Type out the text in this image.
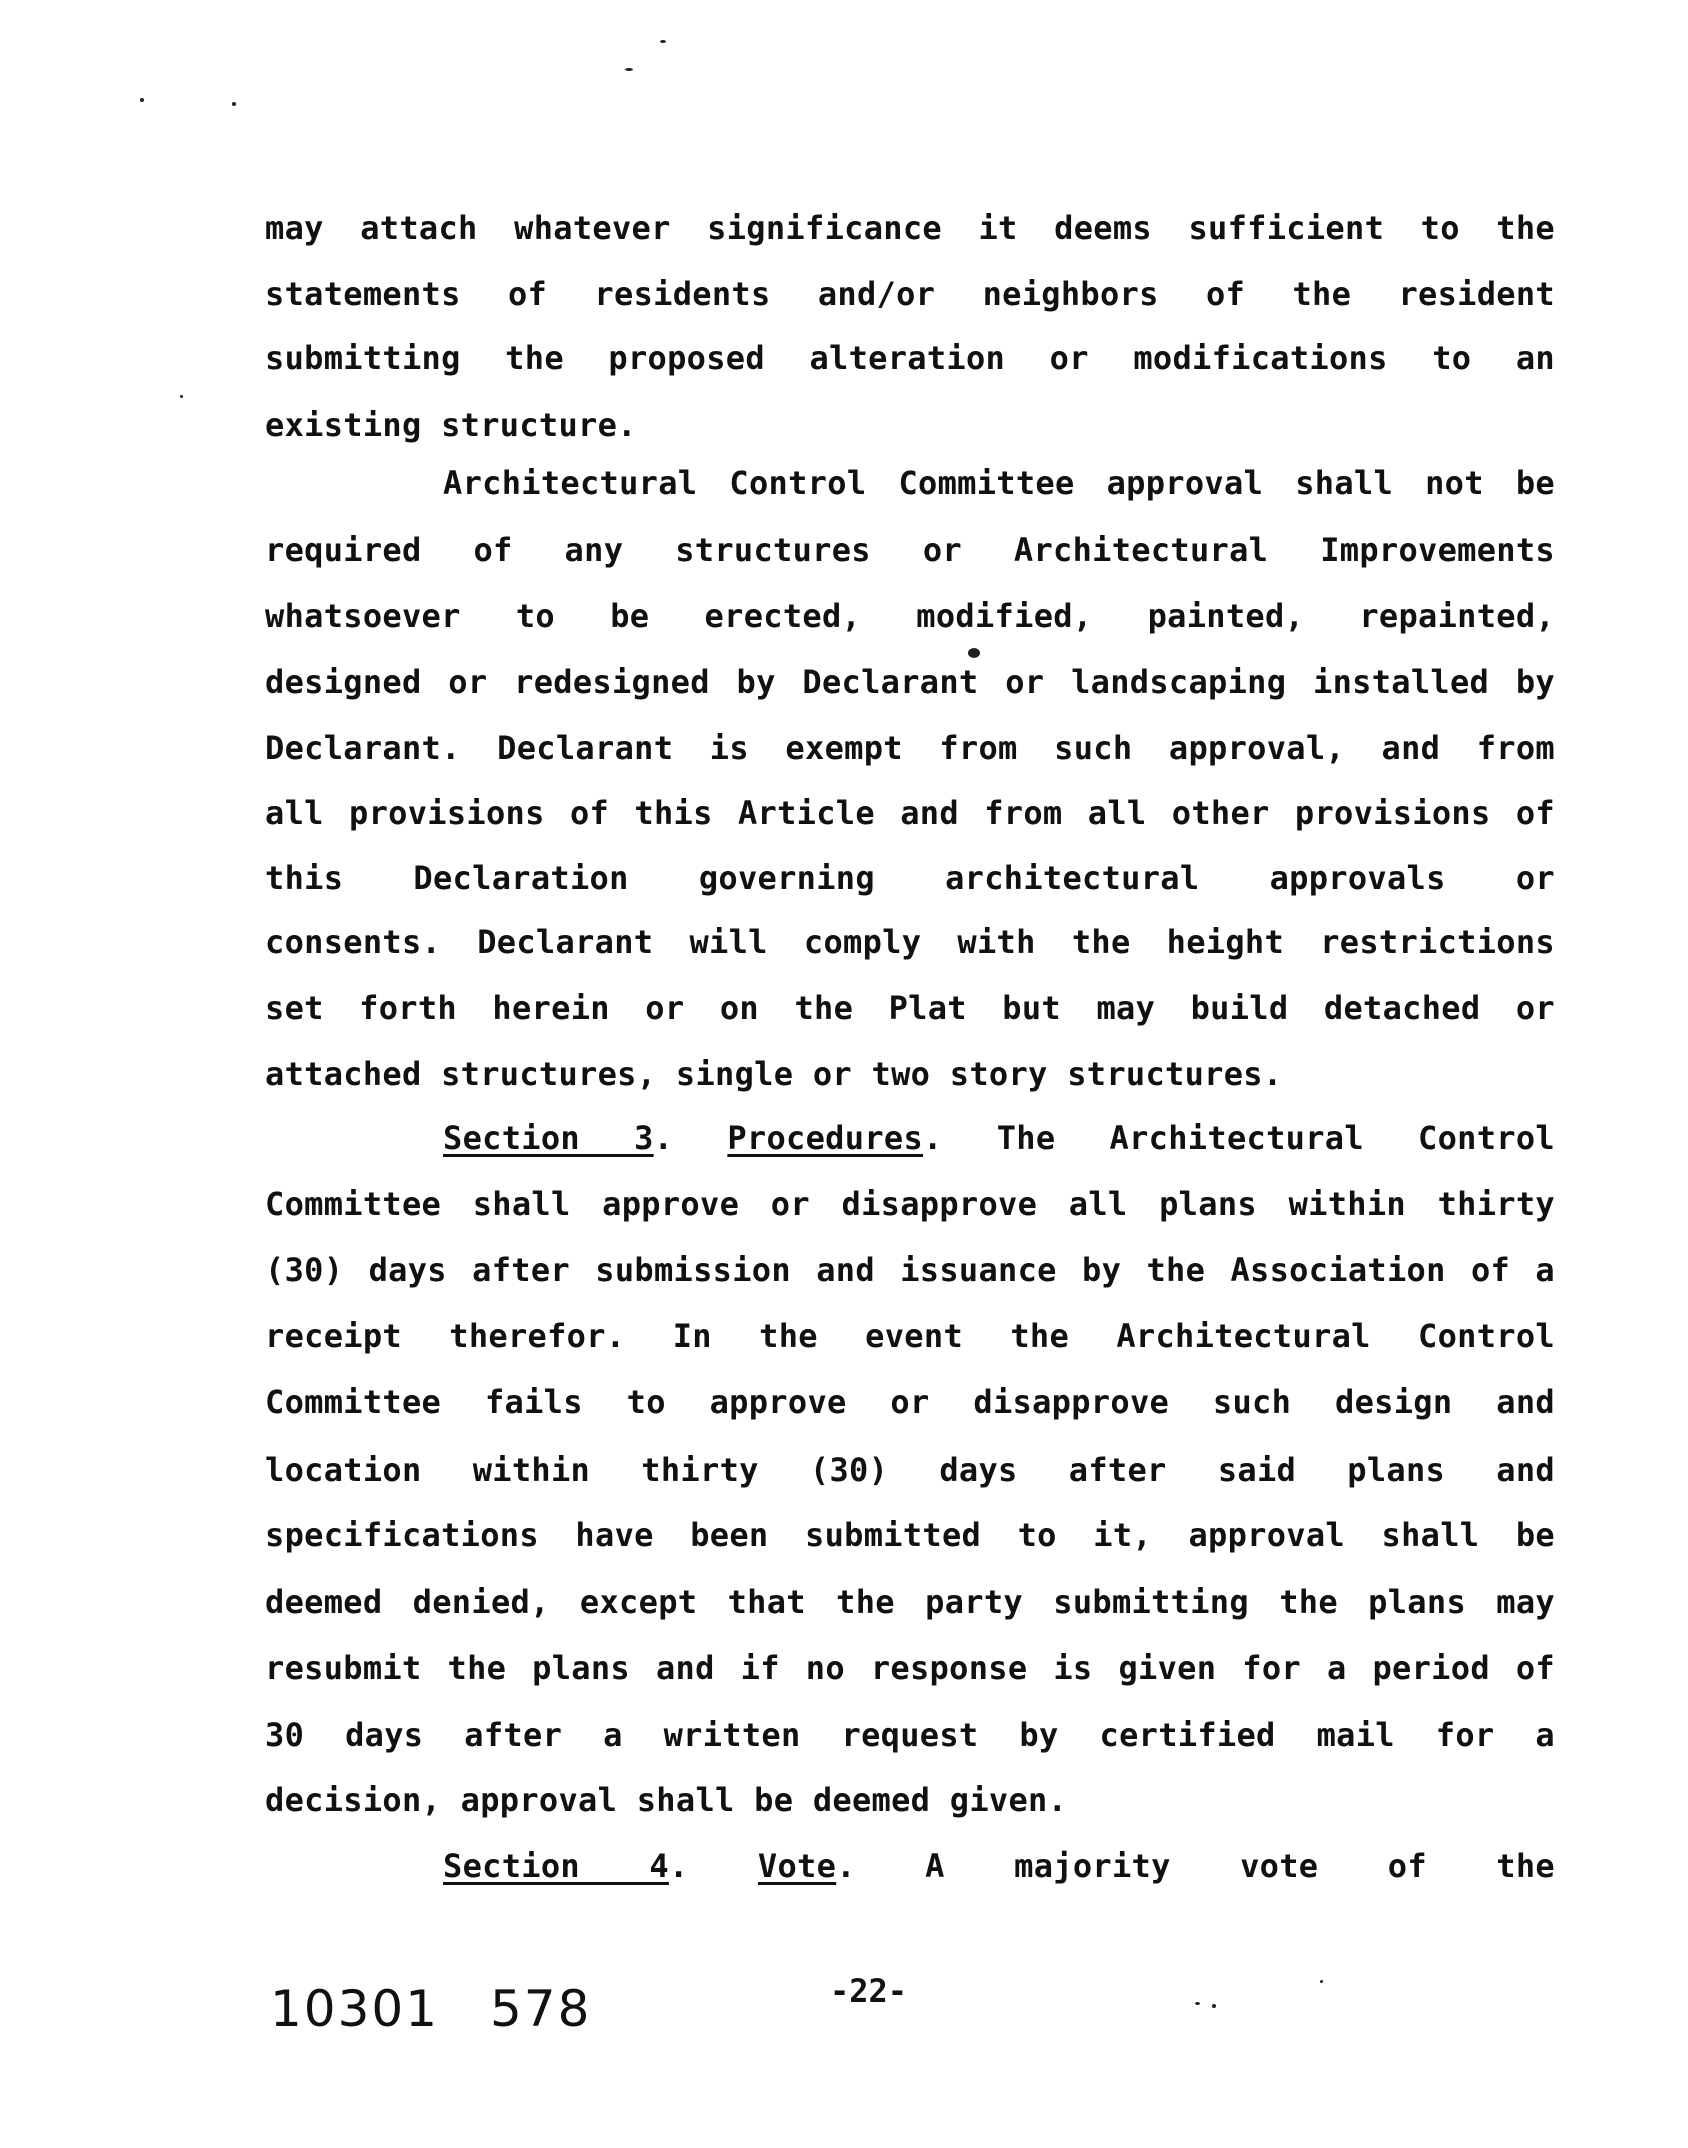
may attach whatever significance it deems sufficient to the
statements of residents and/or neighbors of the resident
submitting the proposed alteration or modifications to an
existing structure.
Architectural Control Committee approval shall not be
required of any structures or Architectural Improvements
whatsoever to be erected, modified, painted, repainted,
designed or redesigned by Declarant or landscaping installed by
Declarant. Declarant is exempt from such approval, and from
all provisions of this Article and from all other provisions of
this Declaration governing architectural approvals or
consents. Declarant will comply with the height restrictions
set forth herein or on the Plat but may build detached or
attached structures, single or two story structures.
Section 3. Procedures. The Architectural Control
Committee shall approve or disapprove all plans within thirty
(30) days after submission and issuance by the Association of a
receipt therefor. In the event the Architectural Control
Committee fails to approve or disapprove such design and
location within thirty (30) days after said plans and
specifications have been submitted to it, approval shall be
deemed denied, except that the party submitting the plans may
resubmit the plans and if no response is given for a period of
30 days after a written request by certified mail for a
decision, approval shall be deemed given.
Section 4. Vote. A majority vote of the
10301 578	-22-
